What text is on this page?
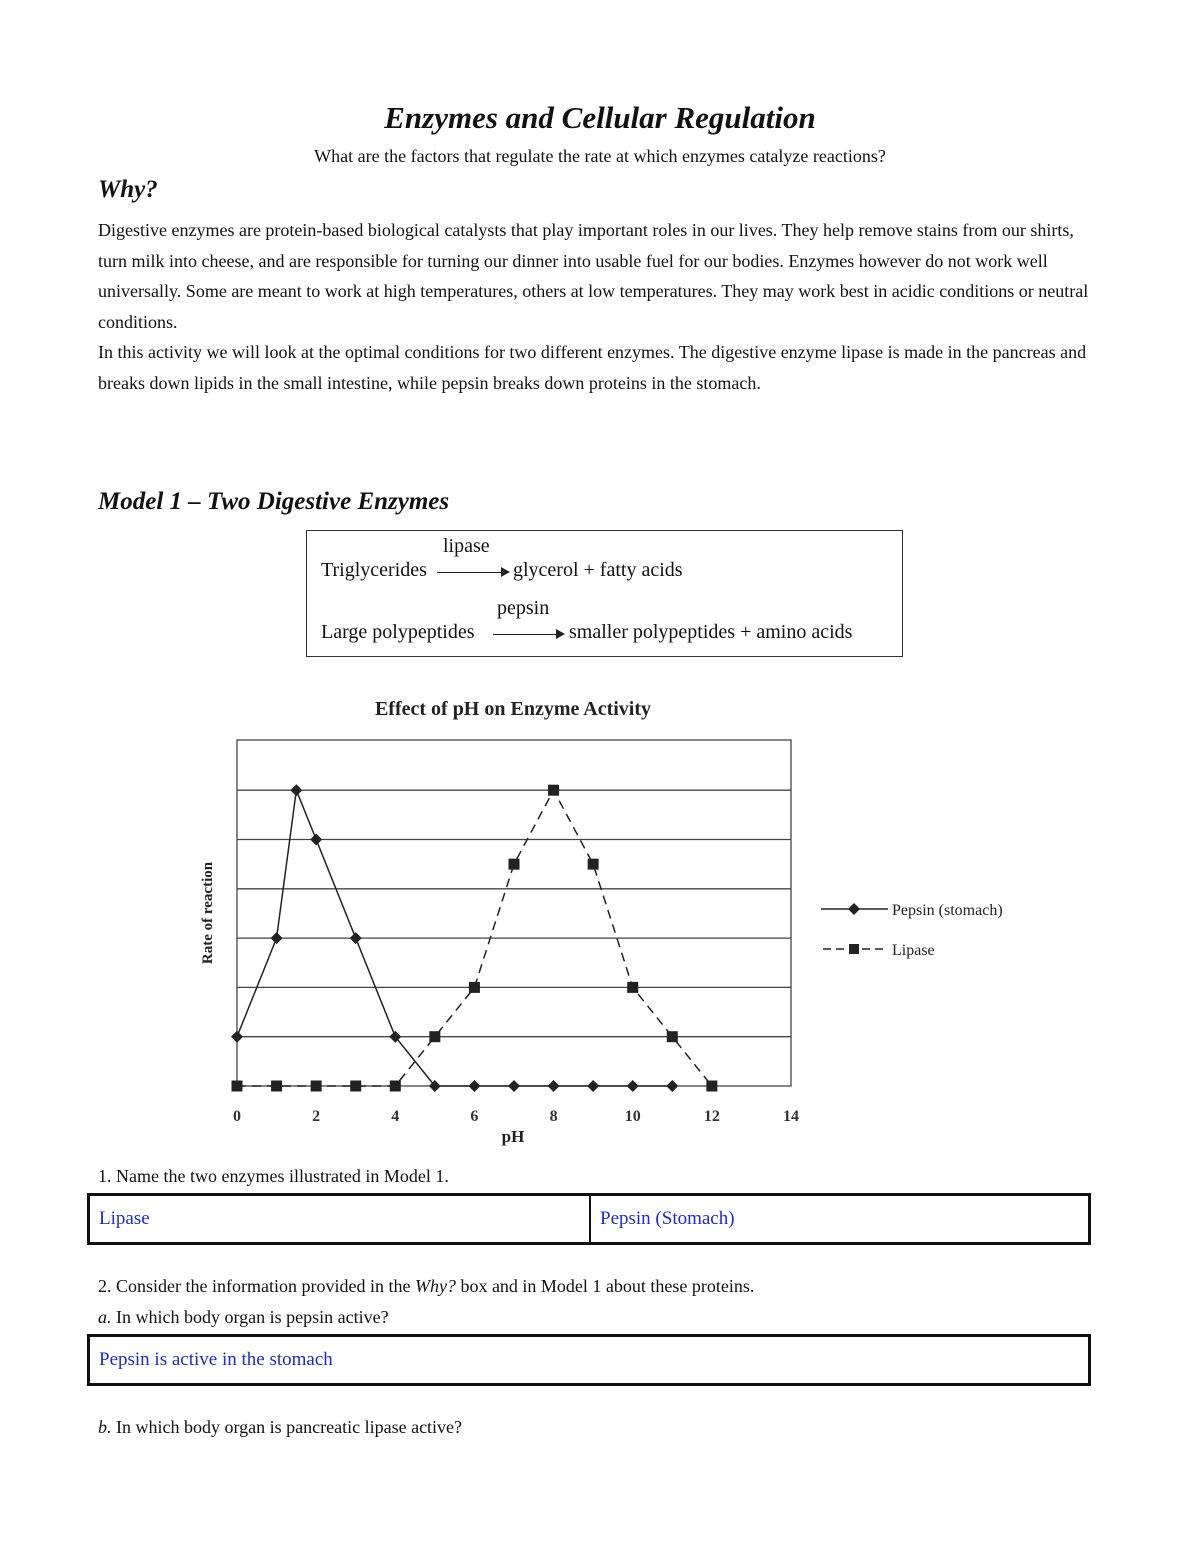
Enzymes and Cellular Regulation
What are the factors that regulate the rate at which enzymes catalyze reactions?
Why?

Digestive enzymes are protein-based biological catalysts that play important roles in our lives. They help remove stains from our shirts, turn milk into cheese, and are responsible for turning our dinner into usable fuel for our bodies. Enzymes however do not work well universally. Some are meant to work at high temperatures, others at low temperatures. They may work best in acidic conditions or neutral conditions.

In this activity we will look at the optimal conditions for two different enzymes. The digestive enzyme lipase is made in the pancreas and breaks down lipids in the small intestine, while pepsin breaks down proteins in the stomach.

Model 1 – Two Digestive Enzymes
lipase
Triglycerides	glycerol + fatty acids
pepsin
Large polypeptides	smaller polypeptides + amino acids
Effect of pH on Enzyme Activity
0	2	4	6	8	10	12	14
pH
Rate of reaction	Pepsin (stomach)
Lipase
1. Name the two enzymes illustrated in Model 1.
Lipase	Pepsin (Stomach)
2. Consider the information provided in the Why? box and in Model 1 about these proteins.
a. In which body organ is pepsin active?
Pepsin is active in the stomach
b. In which body organ is pancreatic lipase active?
